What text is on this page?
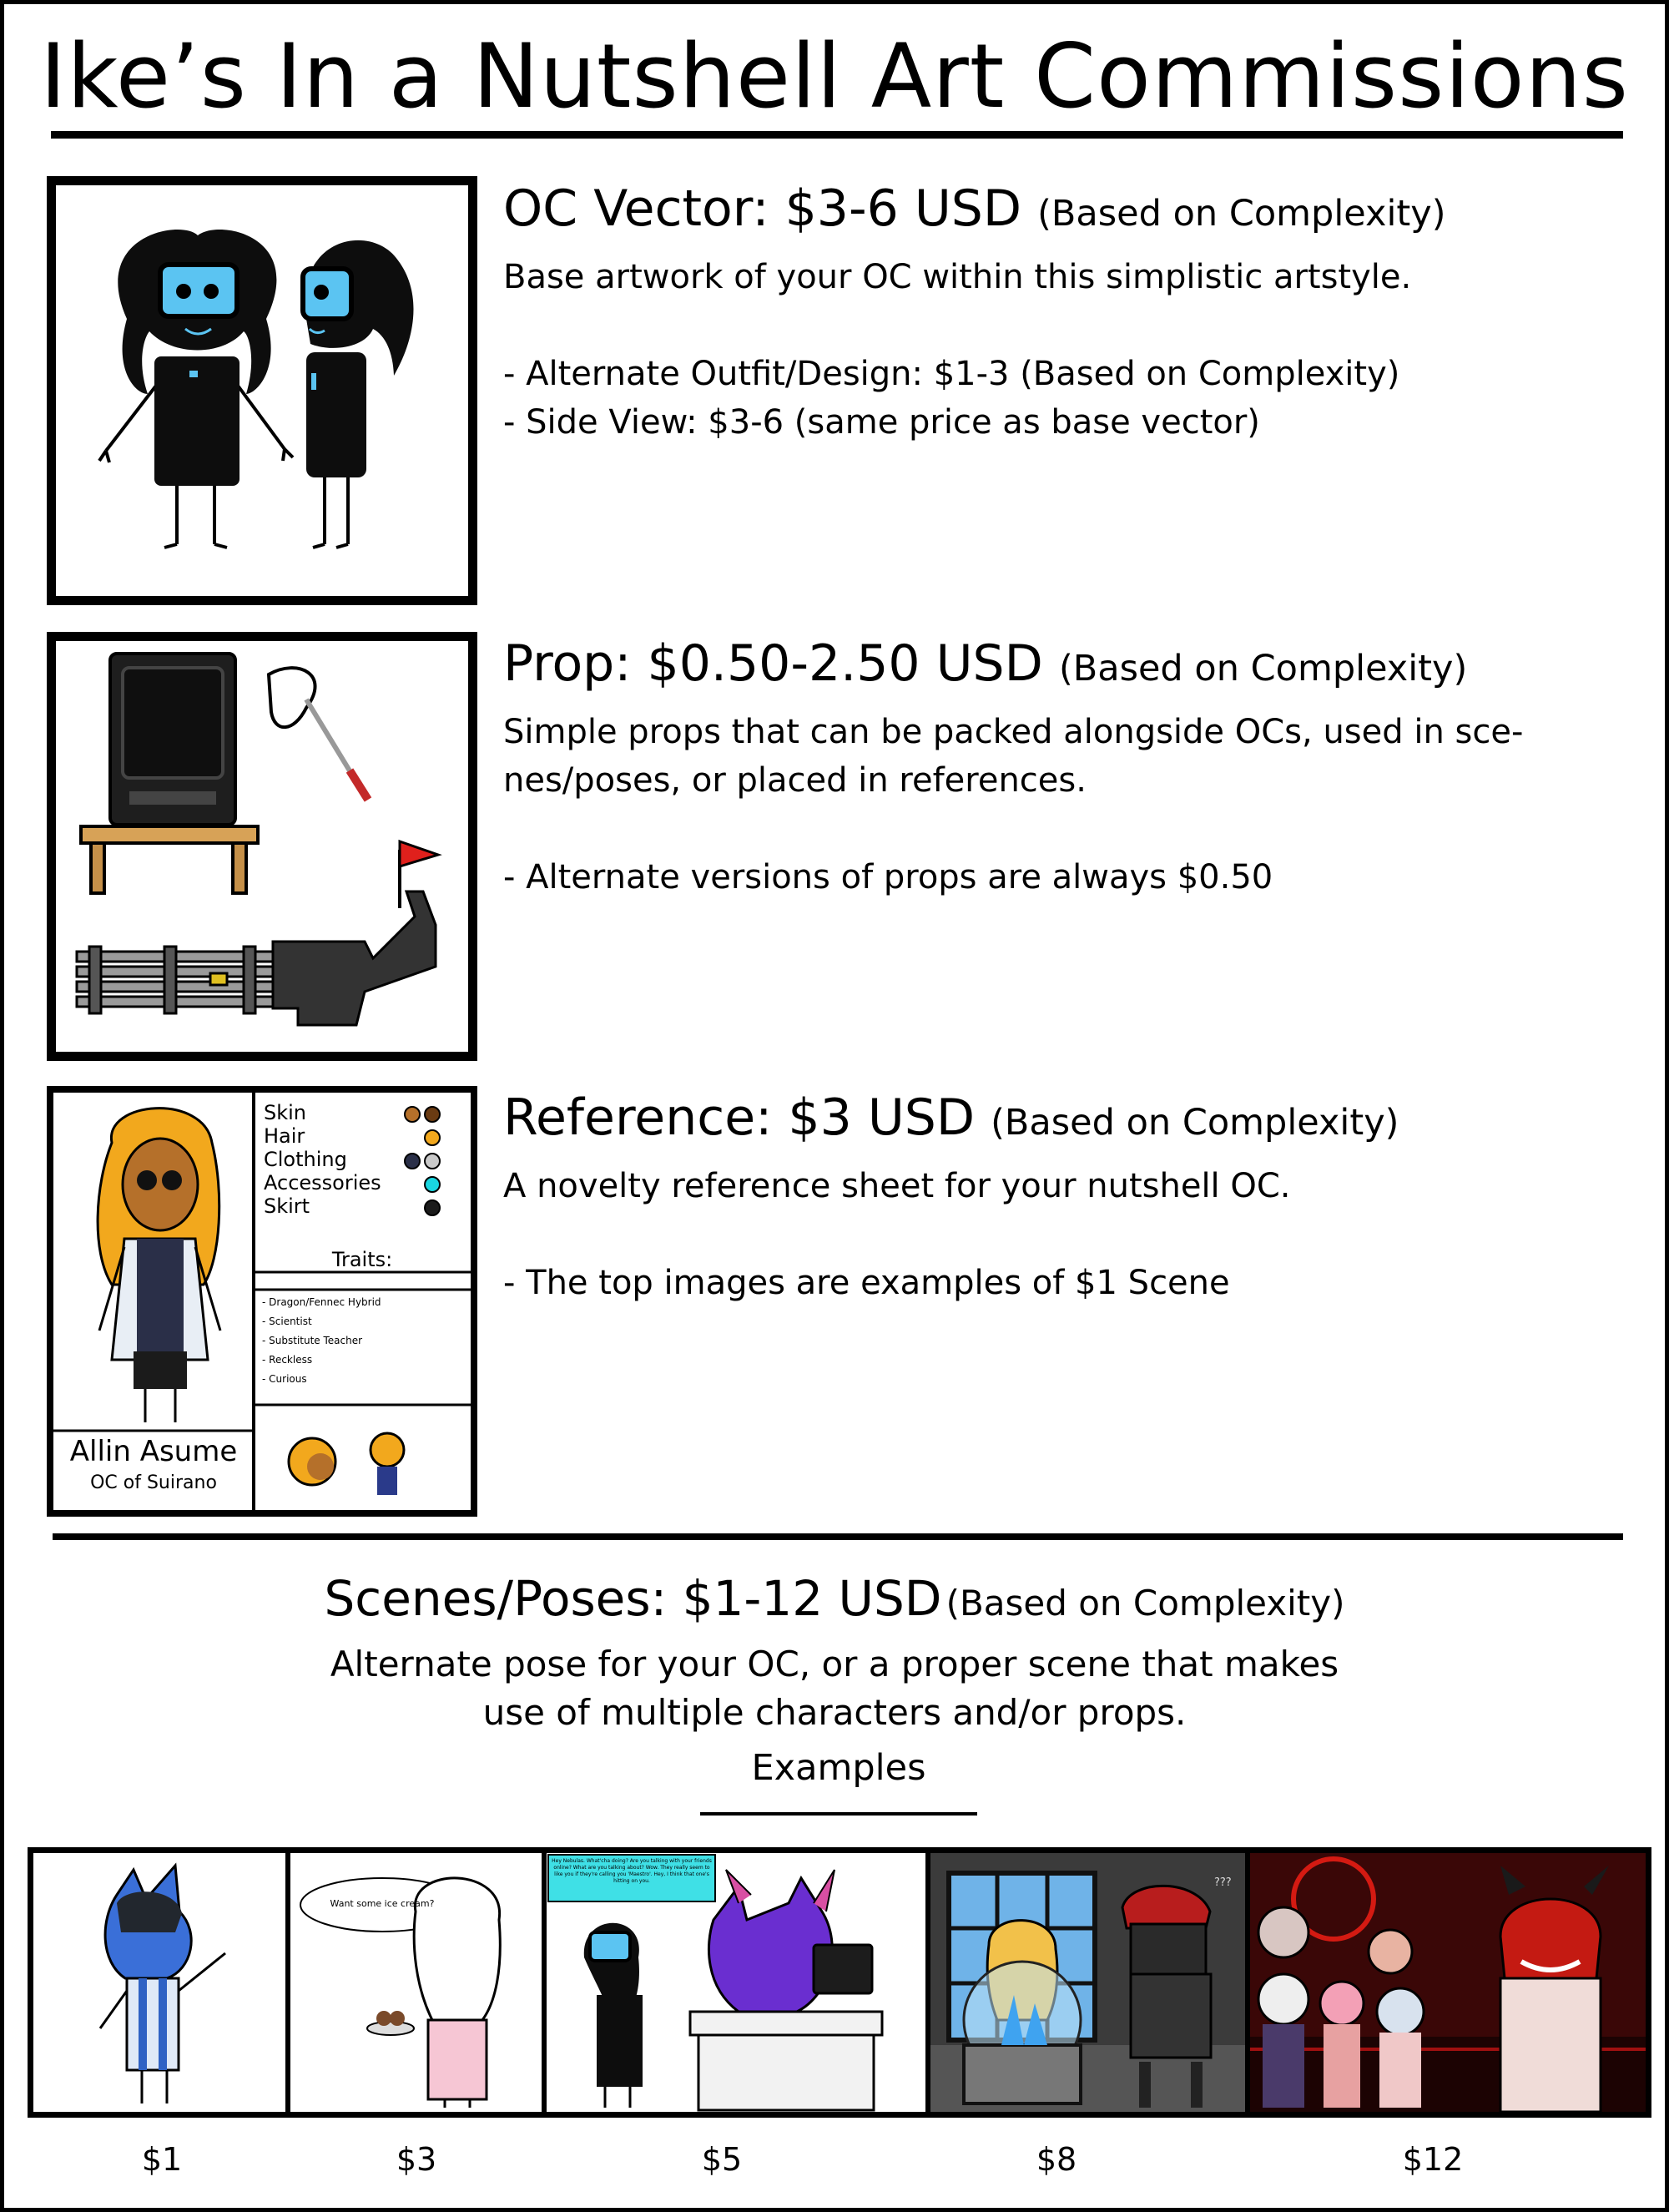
Ike’s In a Nutshell Art Commissions
OC Vector: $3-6 USD (Based on Complexity)

Base artwork of your OC within this simplistic artstyle.

- Alternate Outfit/Design: $1-3 (Based on Complexity)

- Side View: $3-6 (same price as base vector)

Prop: $0.50-2.50 USD (Based on Complexity)

Simple props that can be packed alongside OCs, used in sce-

nes/poses, or placed in references.

- Alternate versions of props are always $0.50

Skin
Hair
Clothing
Accessories
Skirt
Traits:
- Dragon/Fennec Hybrid
- Scientist
- Substitute Teacher
- Reckless
- Curious
Allin Asume
OC of Suirano
Reference: $3 USD (Based on Complexity)

A novelty reference sheet for your nutshell OC.

- The top images are examples of $1 Scene

Scenes/Poses: $1-12 USD (Based on Complexity)
Alternate pose for your OC, or a proper scene that makes
use of multiple characters and/or props.
Examples
Want some ice cream?
Hey Nebulas. What'cha doing? Are you talking with your friends online? What are you talking about? Wow. They really seem to like you if they're calling you 'Maestro'. Hey, I think that one's hitting on you.	???
$1	$3	$5	$8	$12
